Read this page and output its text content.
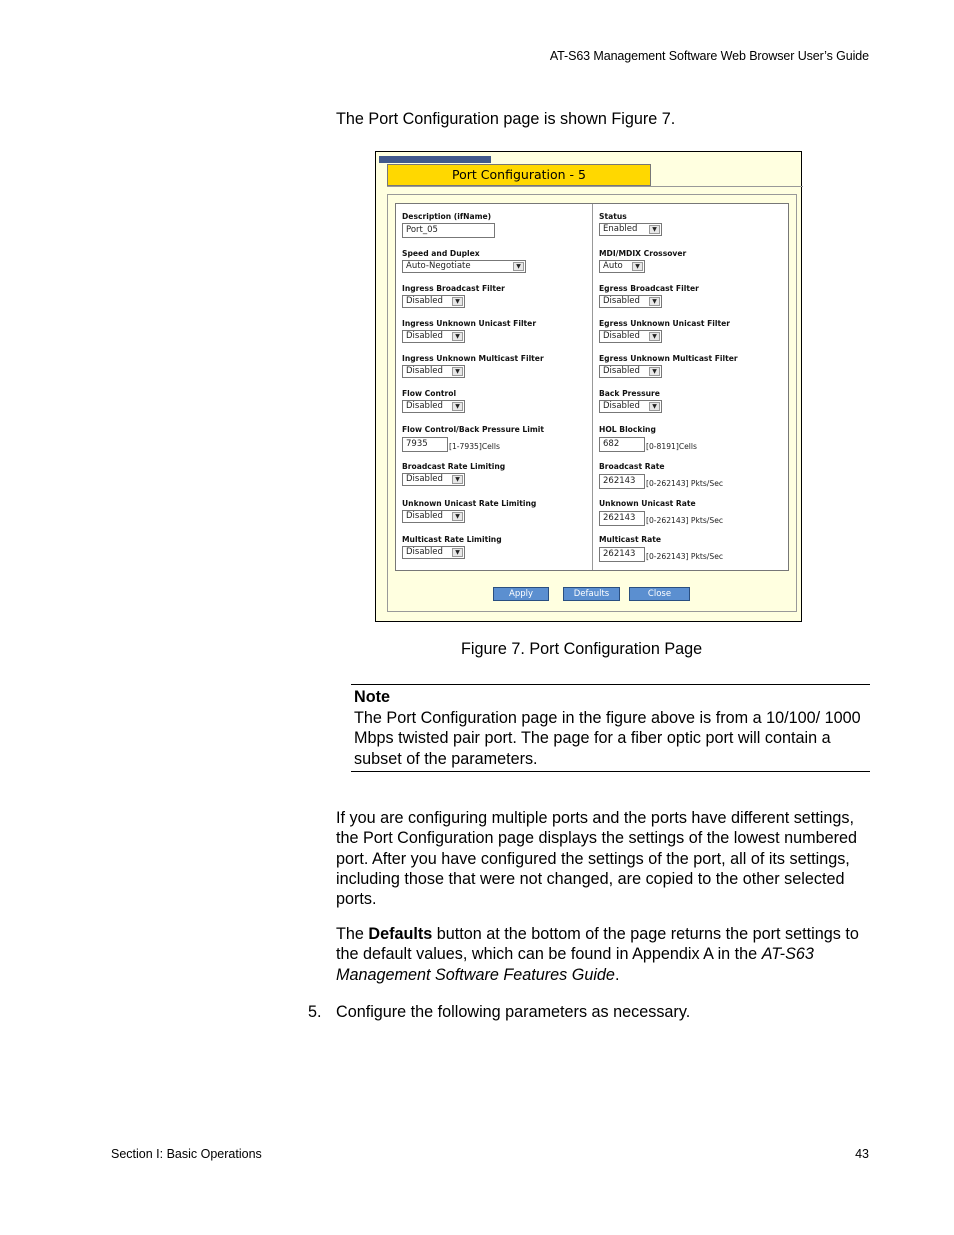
AT-S63 Management Software Web Browser User’s Guide
The Port Configuration page is shown Figure 7.
Port Configuration - 5
Description (ifName)
Port_05
Speed and Duplex
Auto-Negotiate	▼
Ingress Broadcast Filter
Disabled	▼
Ingress Unknown Unicast Filter
Disabled	▼
Ingress Unknown Multicast Filter
Disabled	▼
Flow Control
Disabled	▼
Flow Control/Back Pressure Limit
7935	[1-7935]Cells
Broadcast Rate Limiting
Disabled	▼
Unknown Unicast Rate Limiting
Disabled	▼
Multicast Rate Limiting
Disabled	▼
Status
Enabled	▼
MDI/MDIX Crossover
Auto	▼
Egress Broadcast Filter
Disabled	▼
Egress Unknown Unicast Filter
Disabled	▼
Egress Unknown Multicast Filter
Disabled	▼
Back Pressure
Disabled	▼
HOL Blocking
682	[0-8191]Cells
Broadcast Rate
262143	[0-262143] Pkts/Sec
Unknown Unicast Rate
262143	[0-262143] Pkts/Sec
Multicast Rate
262143	[0-262143] Pkts/Sec
Apply	Defaults	Close
Figure 7. Port Configuration Page
Note
The Port Configuration page in the figure above is from a 10/100/ 1000 Mbps twisted pair port. The page for a fiber optic port will contain a subset of the parameters.
If you are configuring multiple ports and the ports have different settings, the Port Configuration page displays the settings of the lowest numbered port. After you have configured the settings of the port, all of its settings, including those that were not changed, are copied to the other selected ports.
The Defaults button at the bottom of the page returns the port settings to the default values, which can be found in Appendix A in the AT-S63 Management Software Features Guide.
5. Configure the following parameters as necessary.
Section I: Basic Operations	43
